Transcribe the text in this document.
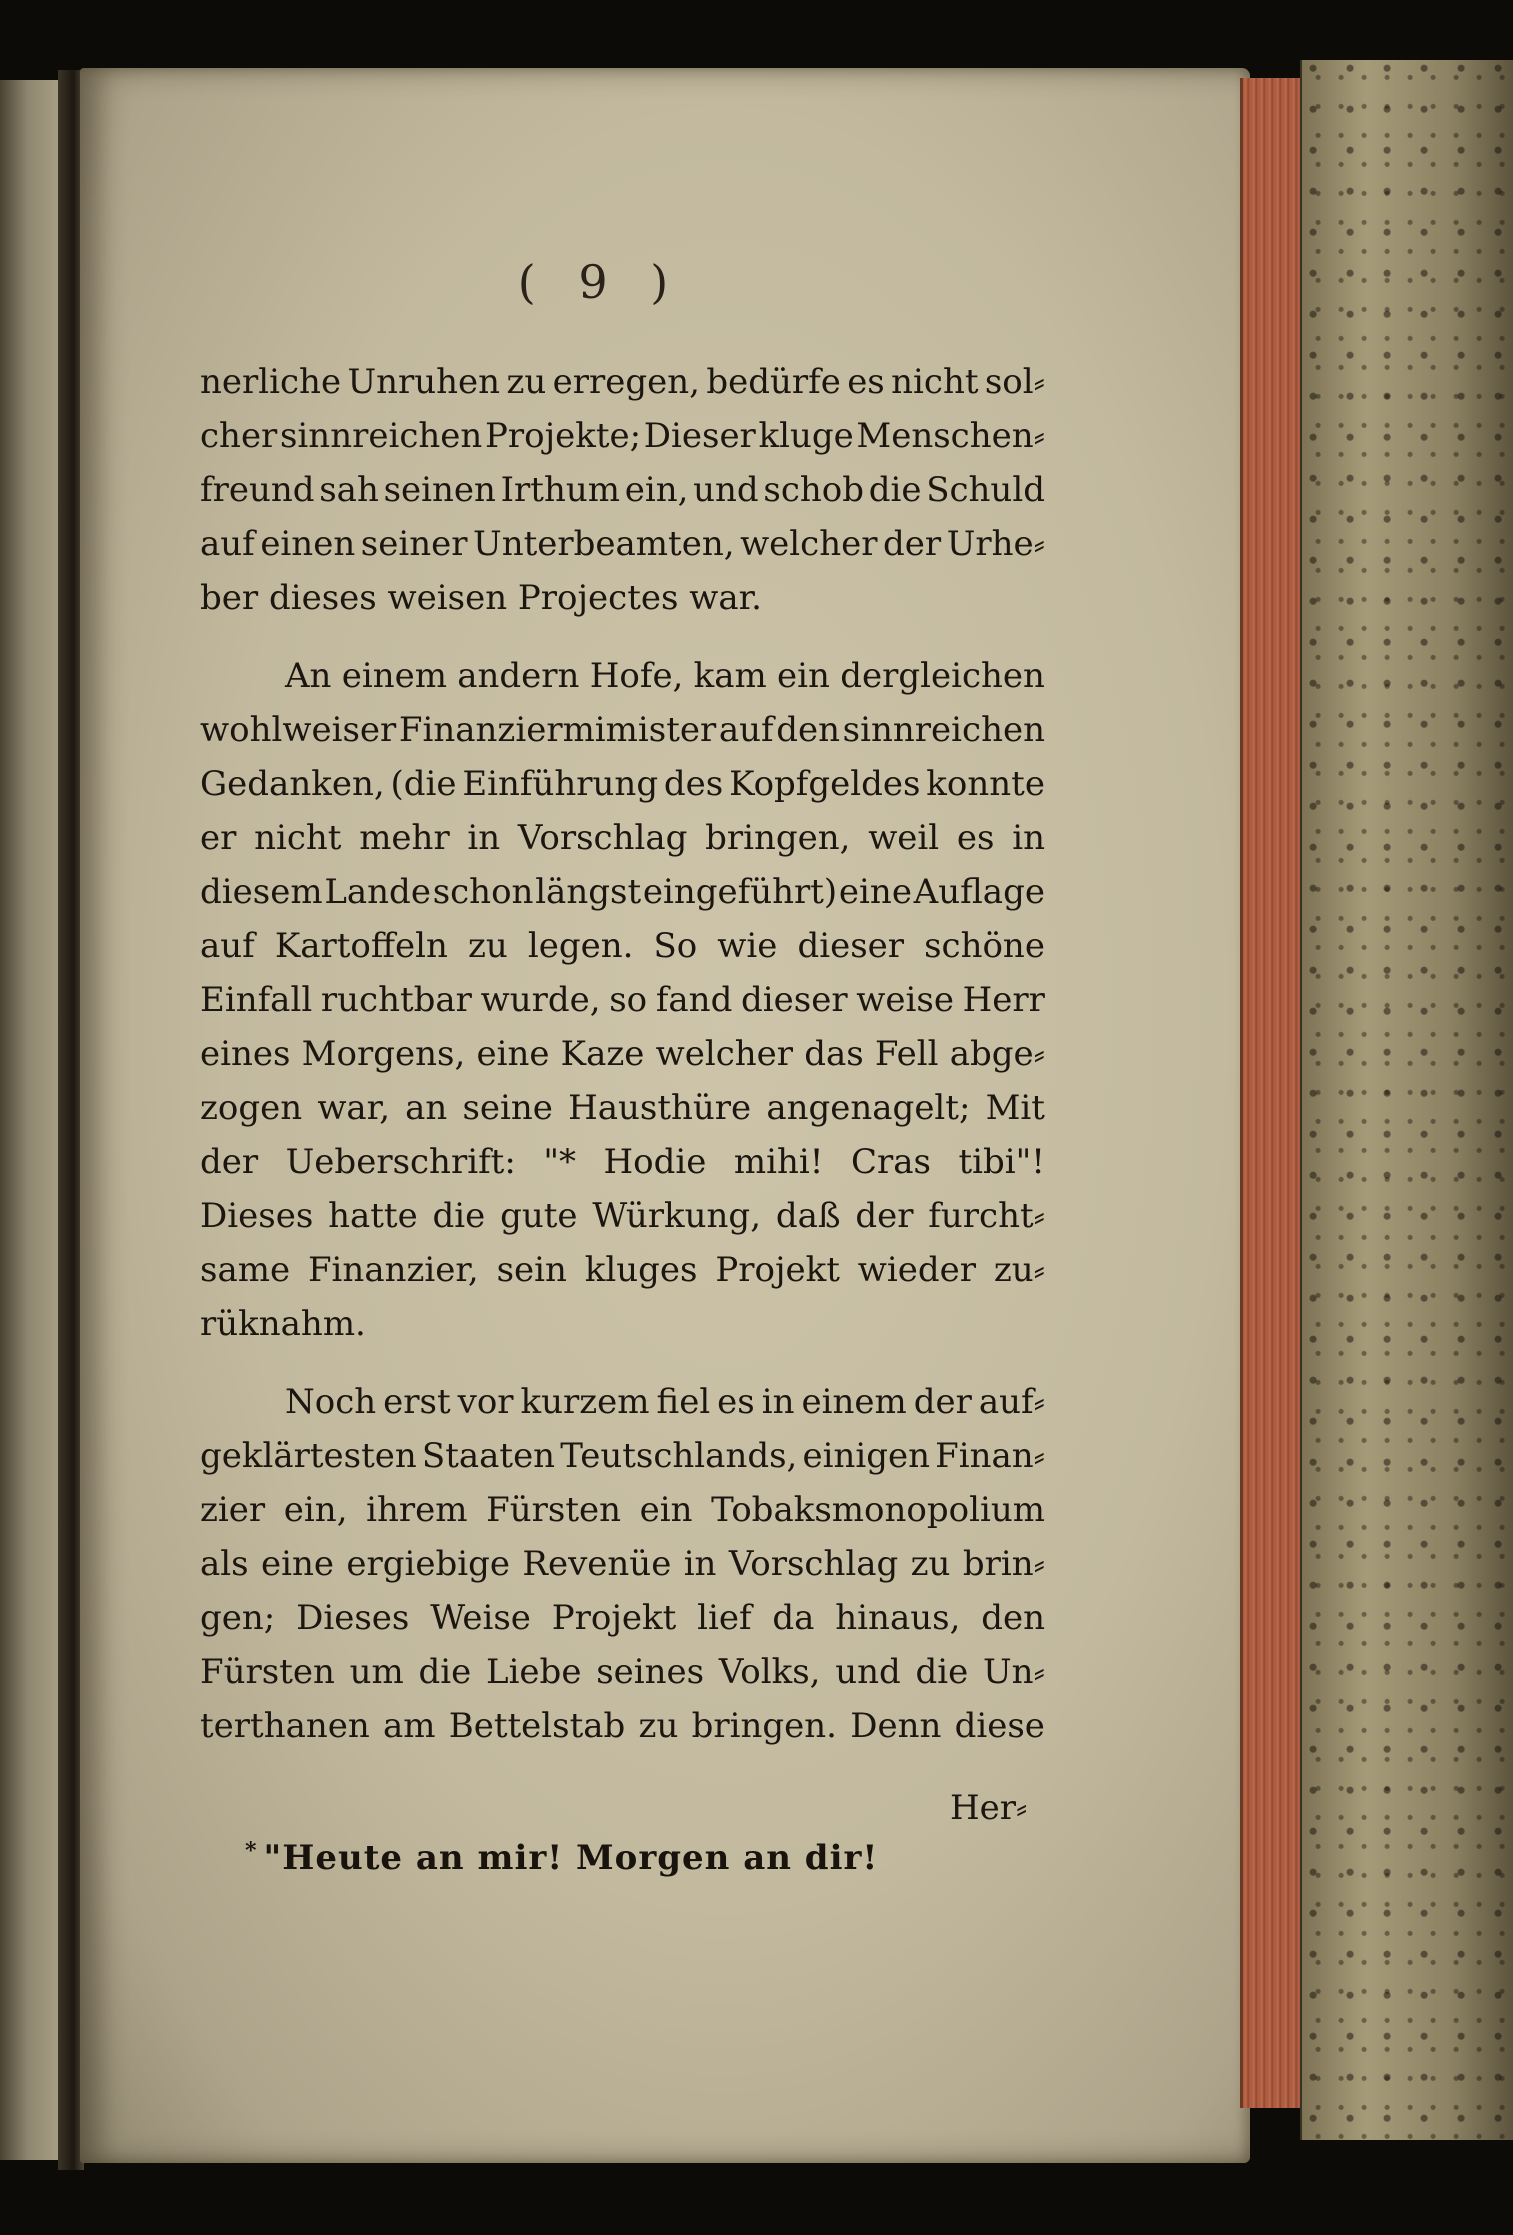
( 9 )
nerliche Unruhen zu erregen, bedürfe es nicht sol⸗
cher sinnreichen Projekte; Dieser kluge Menschen⸗
freund sah seinen Irthum ein, und schob die Schuld
auf einen seiner Unterbeamten, welcher der Urhe⸗
ber dieses weisen Projectes war.
An einem andern Hofe, kam ein dergleichen
wohlweiser Finanziermimister auf den sinnreichen
Gedanken, (die Einführung des Kopfgeldes konnte
er nicht mehr in Vorschlag bringen, weil es in
diesem Lande schon längst eingeführt) eine Auflage
auf Kartoffeln zu legen. So wie dieser schöne
Einfall ruchtbar wurde, so fand dieser weise Herr
eines Morgens, eine Kaze welcher das Fell abge⸗
zogen war, an seine Hausthüre angenagelt; Mit
der Ueberschrift: "* Hodie mihi! Cras tibi"!
Dieses hatte die gute Würkung, daß der furcht⸗
same Finanzier, sein kluges Projekt wieder zu⸗
rüknahm.
Noch erst vor kurzem fiel es in einem der auf⸗
geklärtesten Staaten Teutschlands, einigen Finan⸗
zier ein, ihrem Fürsten ein Tobaksmonopolium
als eine ergiebige Revenüe in Vorschlag zu brin⸗
gen; Dieses Weise Projekt lief da hinaus, den
Fürsten um die Liebe seines Volks, und die Un⸗
terthanen am Bettelstab zu bringen. Denn diese
Her⸗
* "Heute an mir! Morgen an dir!
